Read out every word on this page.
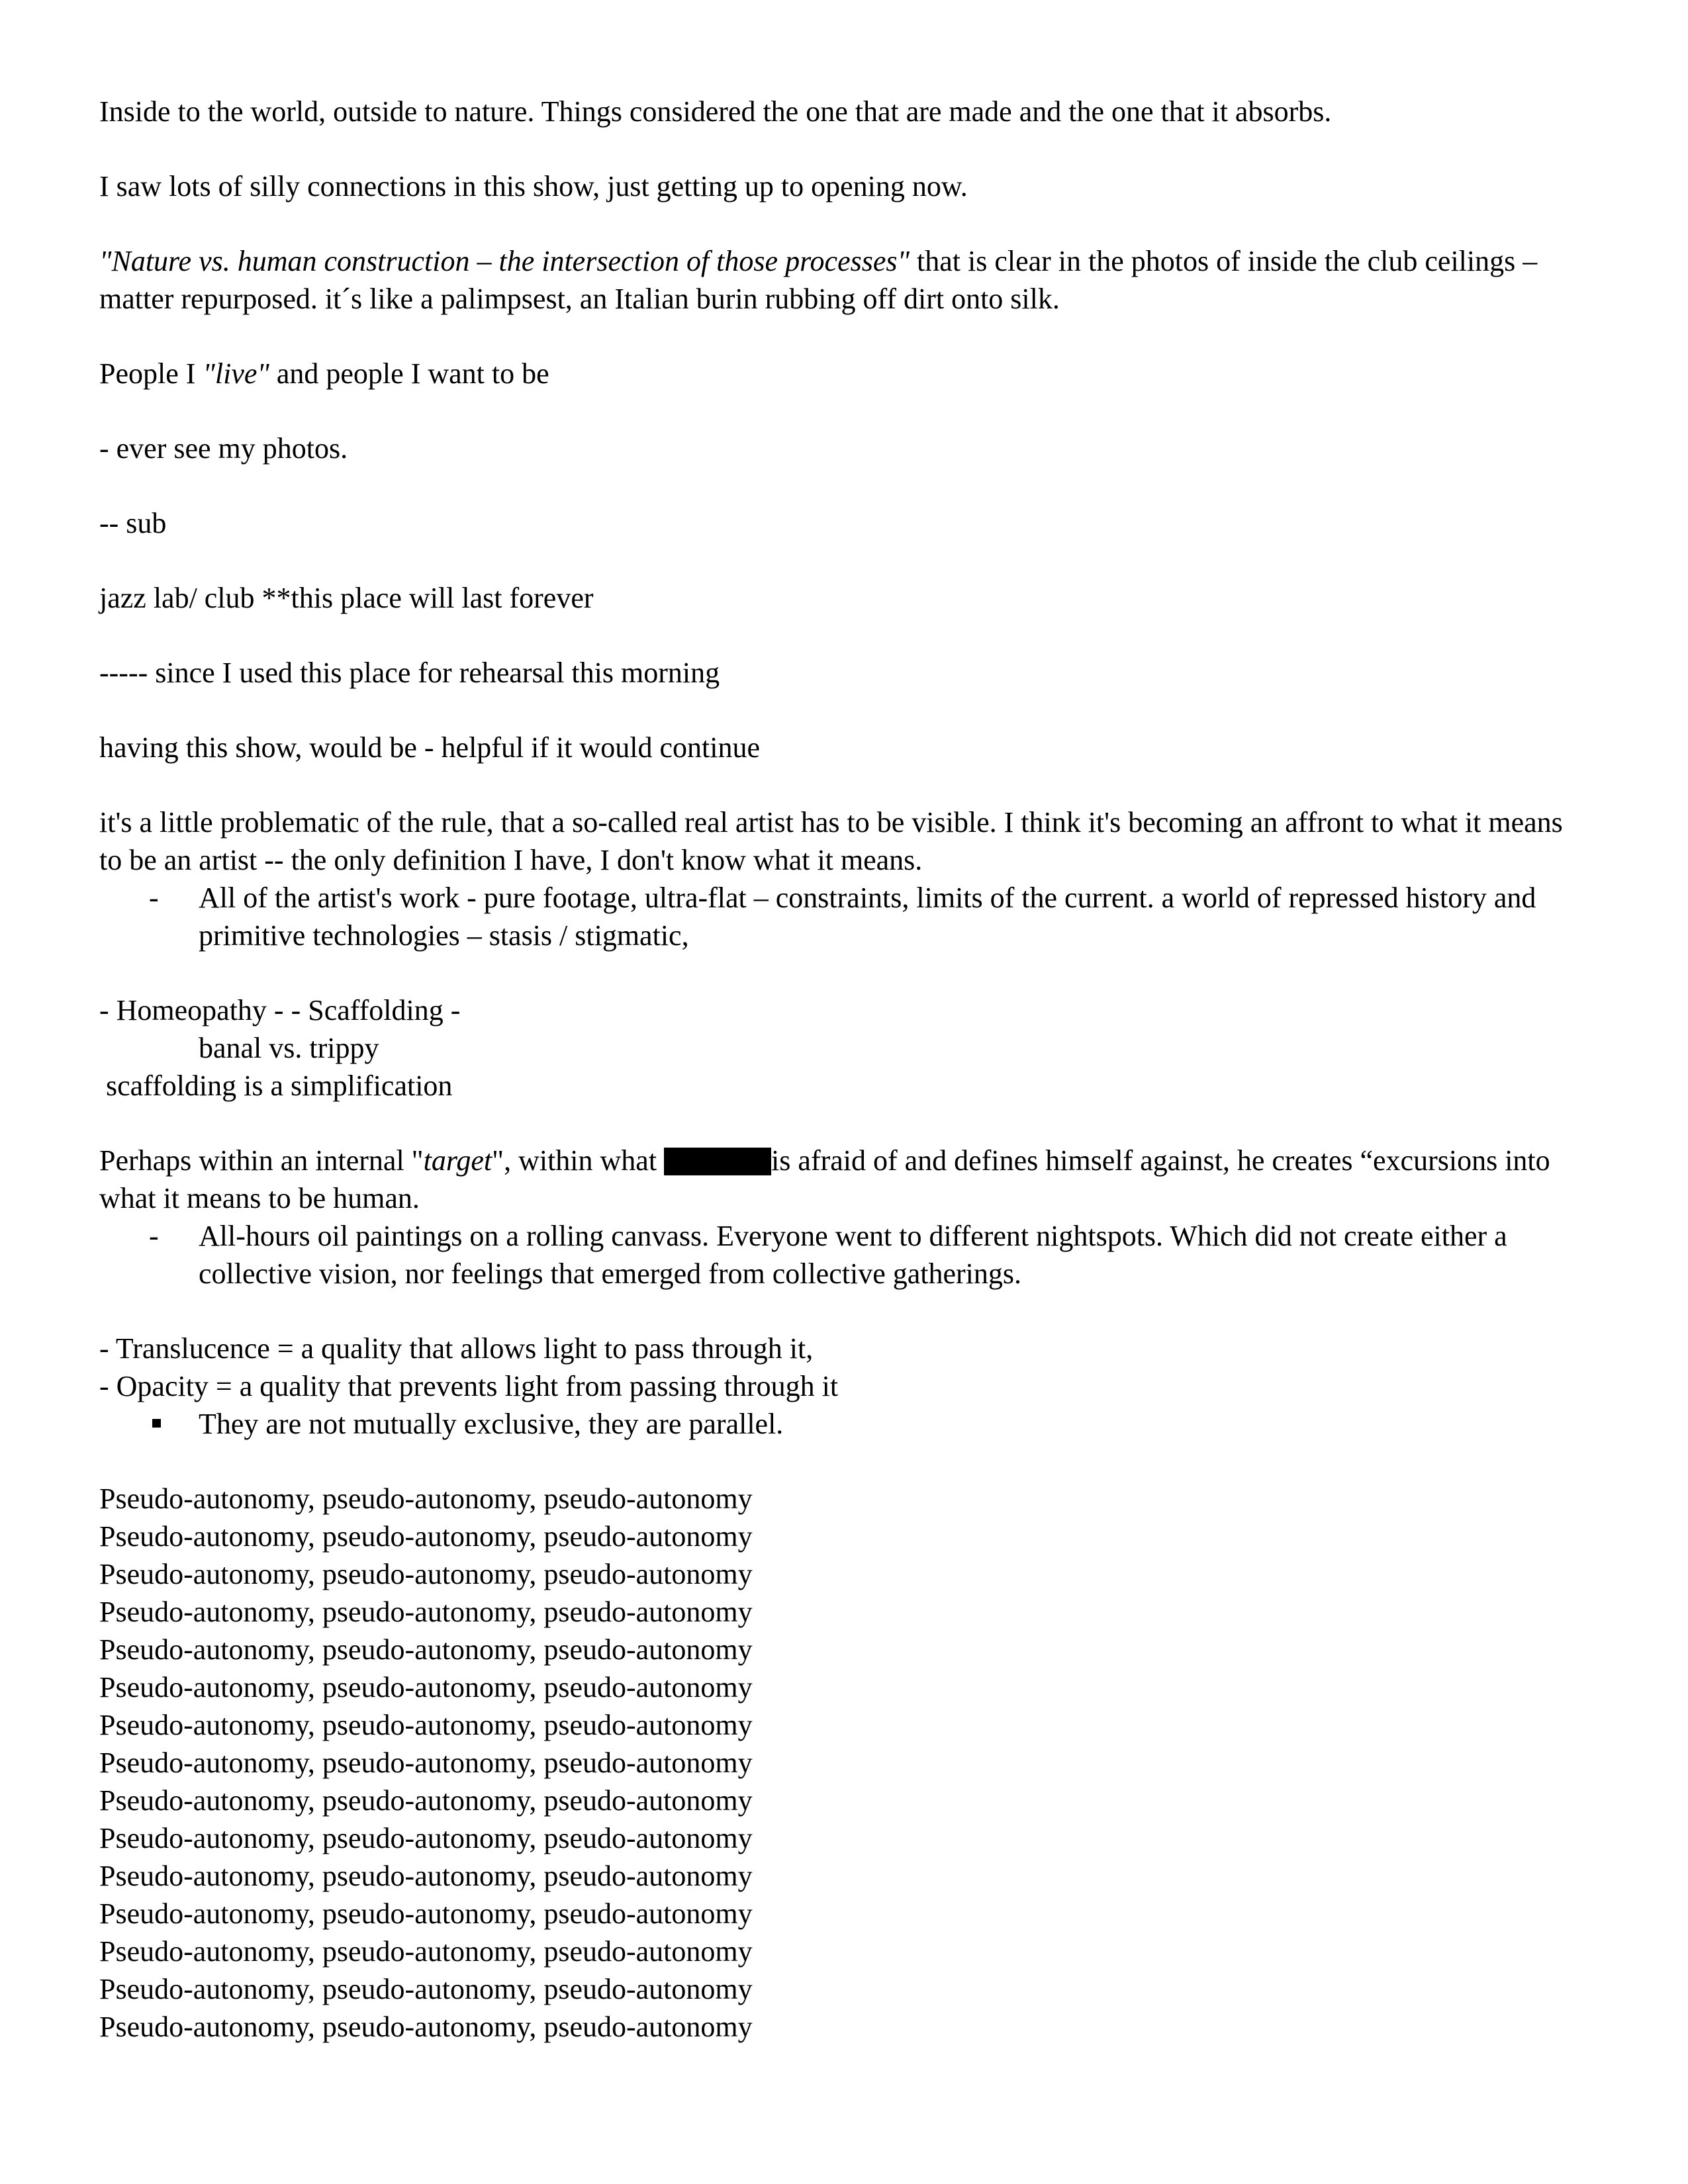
Inside to the world, outside to nature. Things considered the one that are made and the one that it absorbs.

I saw lots of silly connections in this show, just getting up to opening now.

"Nature vs. human construction – the intersection of those processes" that is clear in the photos of inside the club ceilings – matter repurposed. it´s like a palimpsest, an Italian burin rubbing off dirt onto silk.

People I "live" and people I want to be

- ever see my photos.

-- sub

jazz lab/ club **this place will last forever

----- since I used this place for rehearsal this morning

having this show, would be - helpful if it would continue

it's a little problematic of the rule, that a so-called real artist has to be visible. I think it's becoming an affront to what it means to be an artist -- the only definition I have, I don't know what it means.
- All of the artist's work - pure footage, ultra-flat – constraints, limits of the current. a world of repressed history and primitive technologies – stasis / stigmatic,
- Homeopathy - - Scaffolding -
banal vs. trippy
scaffolding is a simplification
Perhaps within an internal "target", within what	is afraid of and defines himself against, he creates “excursions into what it means to be human.
- All-hours oil paintings on a rolling canvass. Everyone went to different nightspots. Which did not create either a collective vision, nor feelings that emerged from collective gatherings.
- Translucence = a quality that allows light to pass through it,
- Opacity = a quality that prevents light from passing through it
They are not mutually exclusive, they are parallel.
Pseudo-autonomy, pseudo-autonomy, pseudo-autonomy
Pseudo-autonomy, pseudo-autonomy, pseudo-autonomy
Pseudo-autonomy, pseudo-autonomy, pseudo-autonomy
Pseudo-autonomy, pseudo-autonomy, pseudo-autonomy
Pseudo-autonomy, pseudo-autonomy, pseudo-autonomy
Pseudo-autonomy, pseudo-autonomy, pseudo-autonomy
Pseudo-autonomy, pseudo-autonomy, pseudo-autonomy
Pseudo-autonomy, pseudo-autonomy, pseudo-autonomy
Pseudo-autonomy, pseudo-autonomy, pseudo-autonomy
Pseudo-autonomy, pseudo-autonomy, pseudo-autonomy
Pseudo-autonomy, pseudo-autonomy, pseudo-autonomy
Pseudo-autonomy, pseudo-autonomy, pseudo-autonomy
Pseudo-autonomy, pseudo-autonomy, pseudo-autonomy
Pseudo-autonomy, pseudo-autonomy, pseudo-autonomy
Pseudo-autonomy, pseudo-autonomy, pseudo-autonomy
